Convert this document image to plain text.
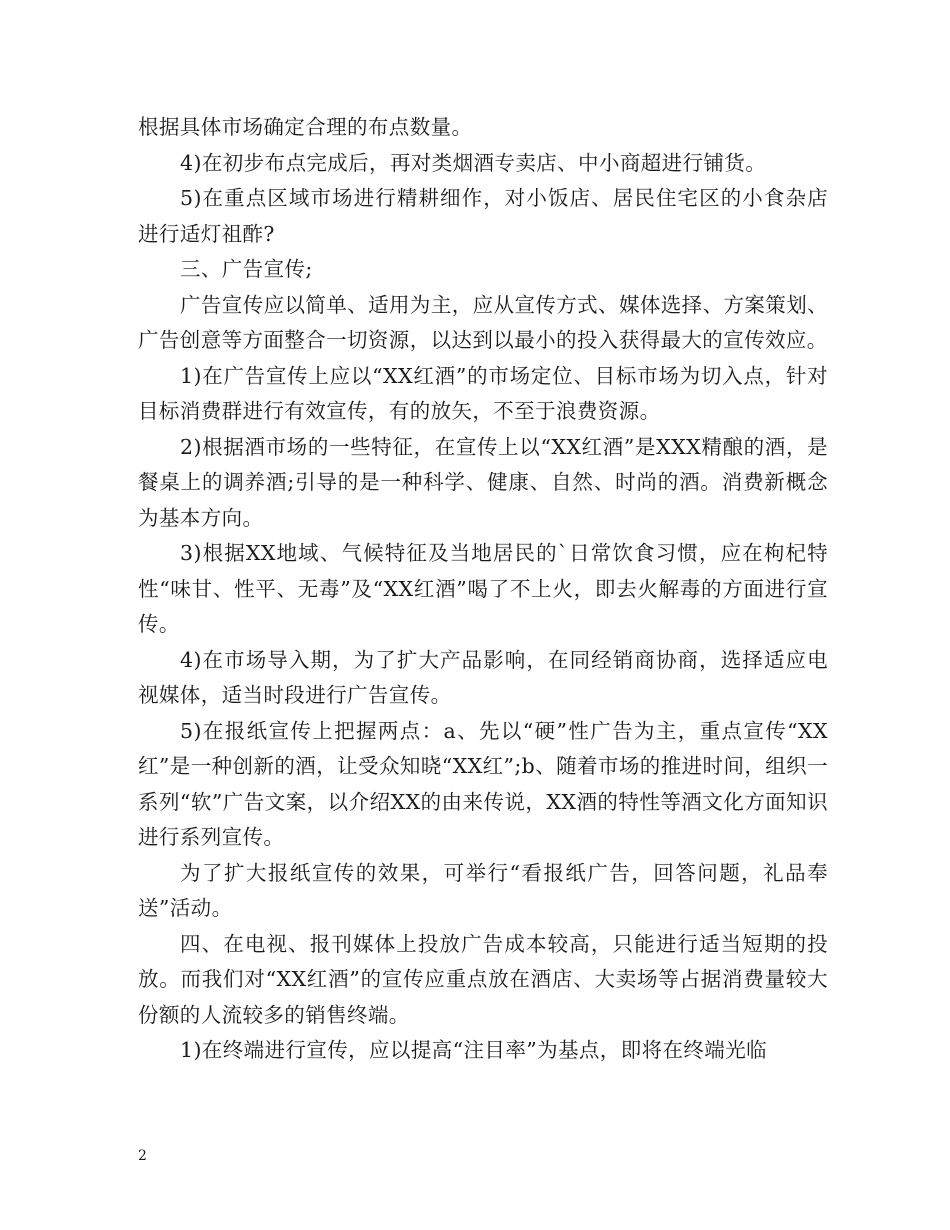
根据具体市场确定合理的布点数量。

4)在初步布点完成后，再对类烟酒专卖店、中小商超进行铺货。

5)在重点区域市场进行精耕细作，对小饭店、居民住宅区的小食杂店进行适灯祖酢?

三、广告宣传;

广告宣传应以简单、适用为主，应从宣传方式、媒体选择、方案策划、广告创意等方面整合一切资源，以达到以最小的投入获得最大的宣传效应。

1)在广告宣传上应以“XX红酒”的市场定位、目标市场为切入点，针对目标消费群进行有效宣传，有的放矢，不至于浪费资源。

2)根据酒市场的一些特征，在宣传上以“XX红酒”是XXX精酿的酒，是餐桌上的调养酒;引导的是一种科学、健康、自然、时尚的酒。消费新概念为基本方向。

3)根据XX地域、气候特征及当地居民的`日常饮食习惯，应在枸杞特性“味甘、性平、无毒”及“XX红酒”喝了不上火，即去火解毒的方面进行宣传。

4)在市场导入期，为了扩大产品影响，在同经销商协商，选择适应电视媒体，适当时段进行广告宣传。

5)在报纸宣传上把握两点：a、先以“硬”性广告为主，重点宣传“XX红”是一种创新的酒，让受众知晓“XX红”;b、随着市场的推进时间，组织一系列“软”广告文案，以介绍XX的由来传说，XX酒的特性等酒文化方面知识进行系列宣传。

为了扩大报纸宣传的效果，可举行“看报纸广告，回答问题，礼品奉送”活动。

四、在电视、报刊媒体上投放广告成本较高，只能进行适当短期的投放。而我们对“XX红酒”的宣传应重点放在酒店、大卖场等占据消费量较大份额的人流较多的销售终端。

1)在终端进行宣传，应以提高“注目率”为基点，即将在终端光临

2
